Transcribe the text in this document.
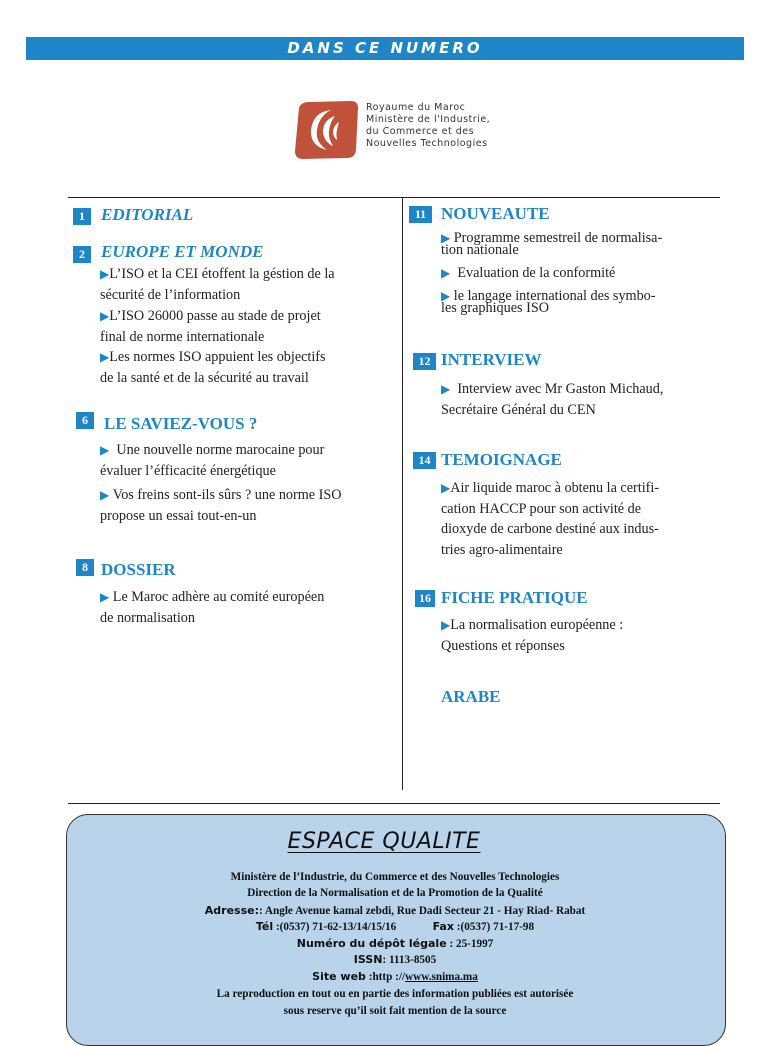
DANS CE NUMERO
Royaume du Maroc
Ministère de l'Industrie,
du Commerce et des
Nouvelles Technologies
1 EDITORIAL
2 EUROPE ET MONDE
▶L’ISO et la CEI étoffent la géstion de la
sécurité de l’information
▶L’ISO 26000 passe au stade de projet
final de norme internationale
▶Les normes ISO appuient les objectifs
de la santé et de la sécurité au travail
6 LE SAVIEZ-VOUS ?
▶ Une nouvelle norme marocaine pour
évaluer l’éfficacité énergétique
▶ Vos freins sont-ils sûrs ? une norme ISO
propose un essai tout-en-un
8 DOSSIER
▶ Le Maroc adhère au comité européen
de normalisation
11 NOUVEAUTE
▶ Programme semestreil de normalisa-
tion nationale
▶ Evaluation de la conformité
▶ le langage international des symbo-
les graphiques ISO
12 INTERVIEW
▶ Interview avec Mr Gaston Michaud,
Secrétaire Général du CEN
14 TEMOIGNAGE
▶Air liquide maroc à obtenu la certifi-
cation HACCP pour son activité de
dioxyde de carbone destiné aux indus-
tries agro-alimentaire
16 FICHE PRATIQUE
▶La normalisation européenne :
Questions et réponses
ARABE
ESPACE QUALITE
Ministère de l’Industrie, du Commerce et des Nouvelles Technologies
Direction de la Normalisation et de la Promotion de la Qualité
Adresse:: Angle Avenue kamal zebdi, Rue Dadi Secteur 21 - Hay Riad- Rabat
Tél :(0537) 71-62-13/14/15/16	Fax :(0537) 71-17-98
Numéro du dépôt légale : 25-1997
ISSN: 1113-8505
Site web :http ://www.snima.ma
La reproduction en tout ou en partie des information publiées est autorisée
sous reserve qu’il soit fait mention de la source
